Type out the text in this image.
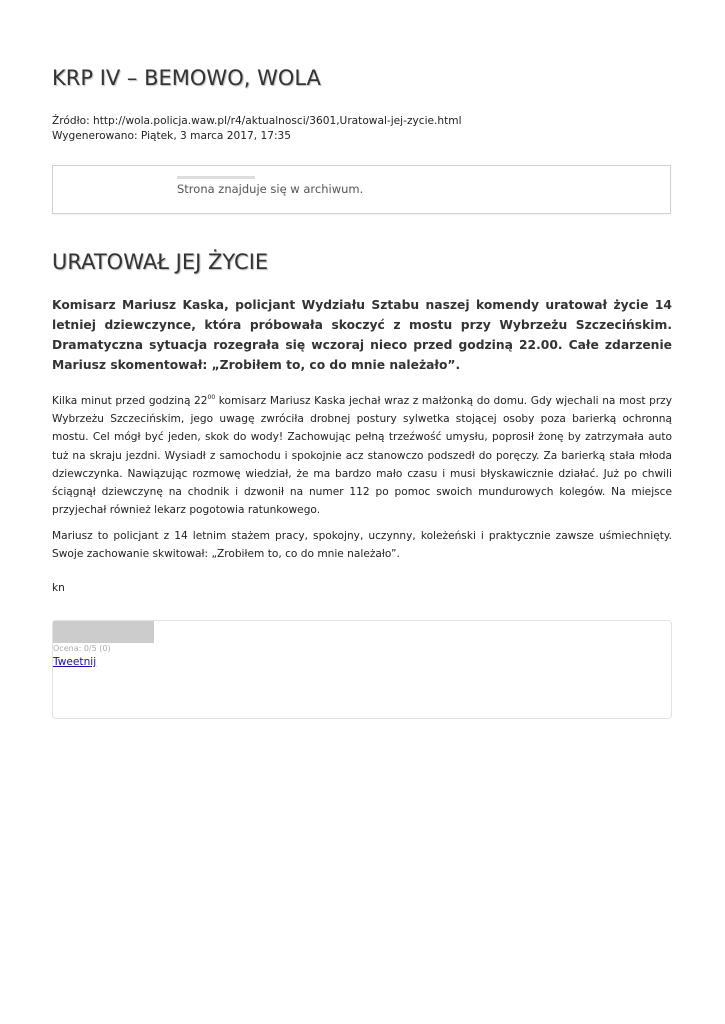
KRP IV – BEMOWO, WOLA
Źródło: http://wola.policja.waw.pl/r4/aktualnosci/3601,Uratowal-jej-zycie.html
Wygenerowano: Piątek, 3 marca 2017, 17:35
Strona znajduje się w archiwum.
URATOWAŁ JEJ ŻYCIE

Komisarz Mariusz Kaska, policjant Wydziału Sztabu naszej komendy uratował życie 14 letniej dziewczynce, która próbowała skoczyć z mostu przy Wybrzeżu Szczecińskim. Dramatyczna sytuacja rozegrała się wczoraj nieco przed godziną 22.00. Całe zdarzenie Mariusz skomentował: „Zrobiłem to, co do mnie należało”.

Kilka minut przed godziną $22^{00}$ komisarz Mariusz Kaska jechał wraz z małżonką do domu. Gdy wjechali na most przy Wybrzeżu Szczecińskim, jego uwagę zwróciła drobnej postury sylwetka stojącej osoby poza barierką ochronną mostu. Cel mógł być jeden, skok do wody! Zachowując pełną trzeźwość umysłu, poprosił żonę by zatrzymała auto tuż na skraju jezdni. Wysiadł z samochodu i spokojnie acz stanowczo podszedł do poręczy. Za barierką stała młoda dziewczynka. Nawiązując rozmowę wiedział, że ma bardzo mało czasu i musi błyskawicznie działać. Już po chwili ściągnął dziewczynę na chodnik i dzwonił na numer 112 po pomoc swoich mundurowych kolegów. Na miejsce przyjechał również lekarz pogotowia ratunkowego.

Mariusz to policjant z 14 letnim stażem pracy, spokojny, uczynny, koleżeński i praktycznie zawsze uśmiechnięty. Swoje zachowanie skwitował: „Zrobiłem to, co do mnie należało”.

kn

Ocena: 0/5 (0)
Tweetnij
